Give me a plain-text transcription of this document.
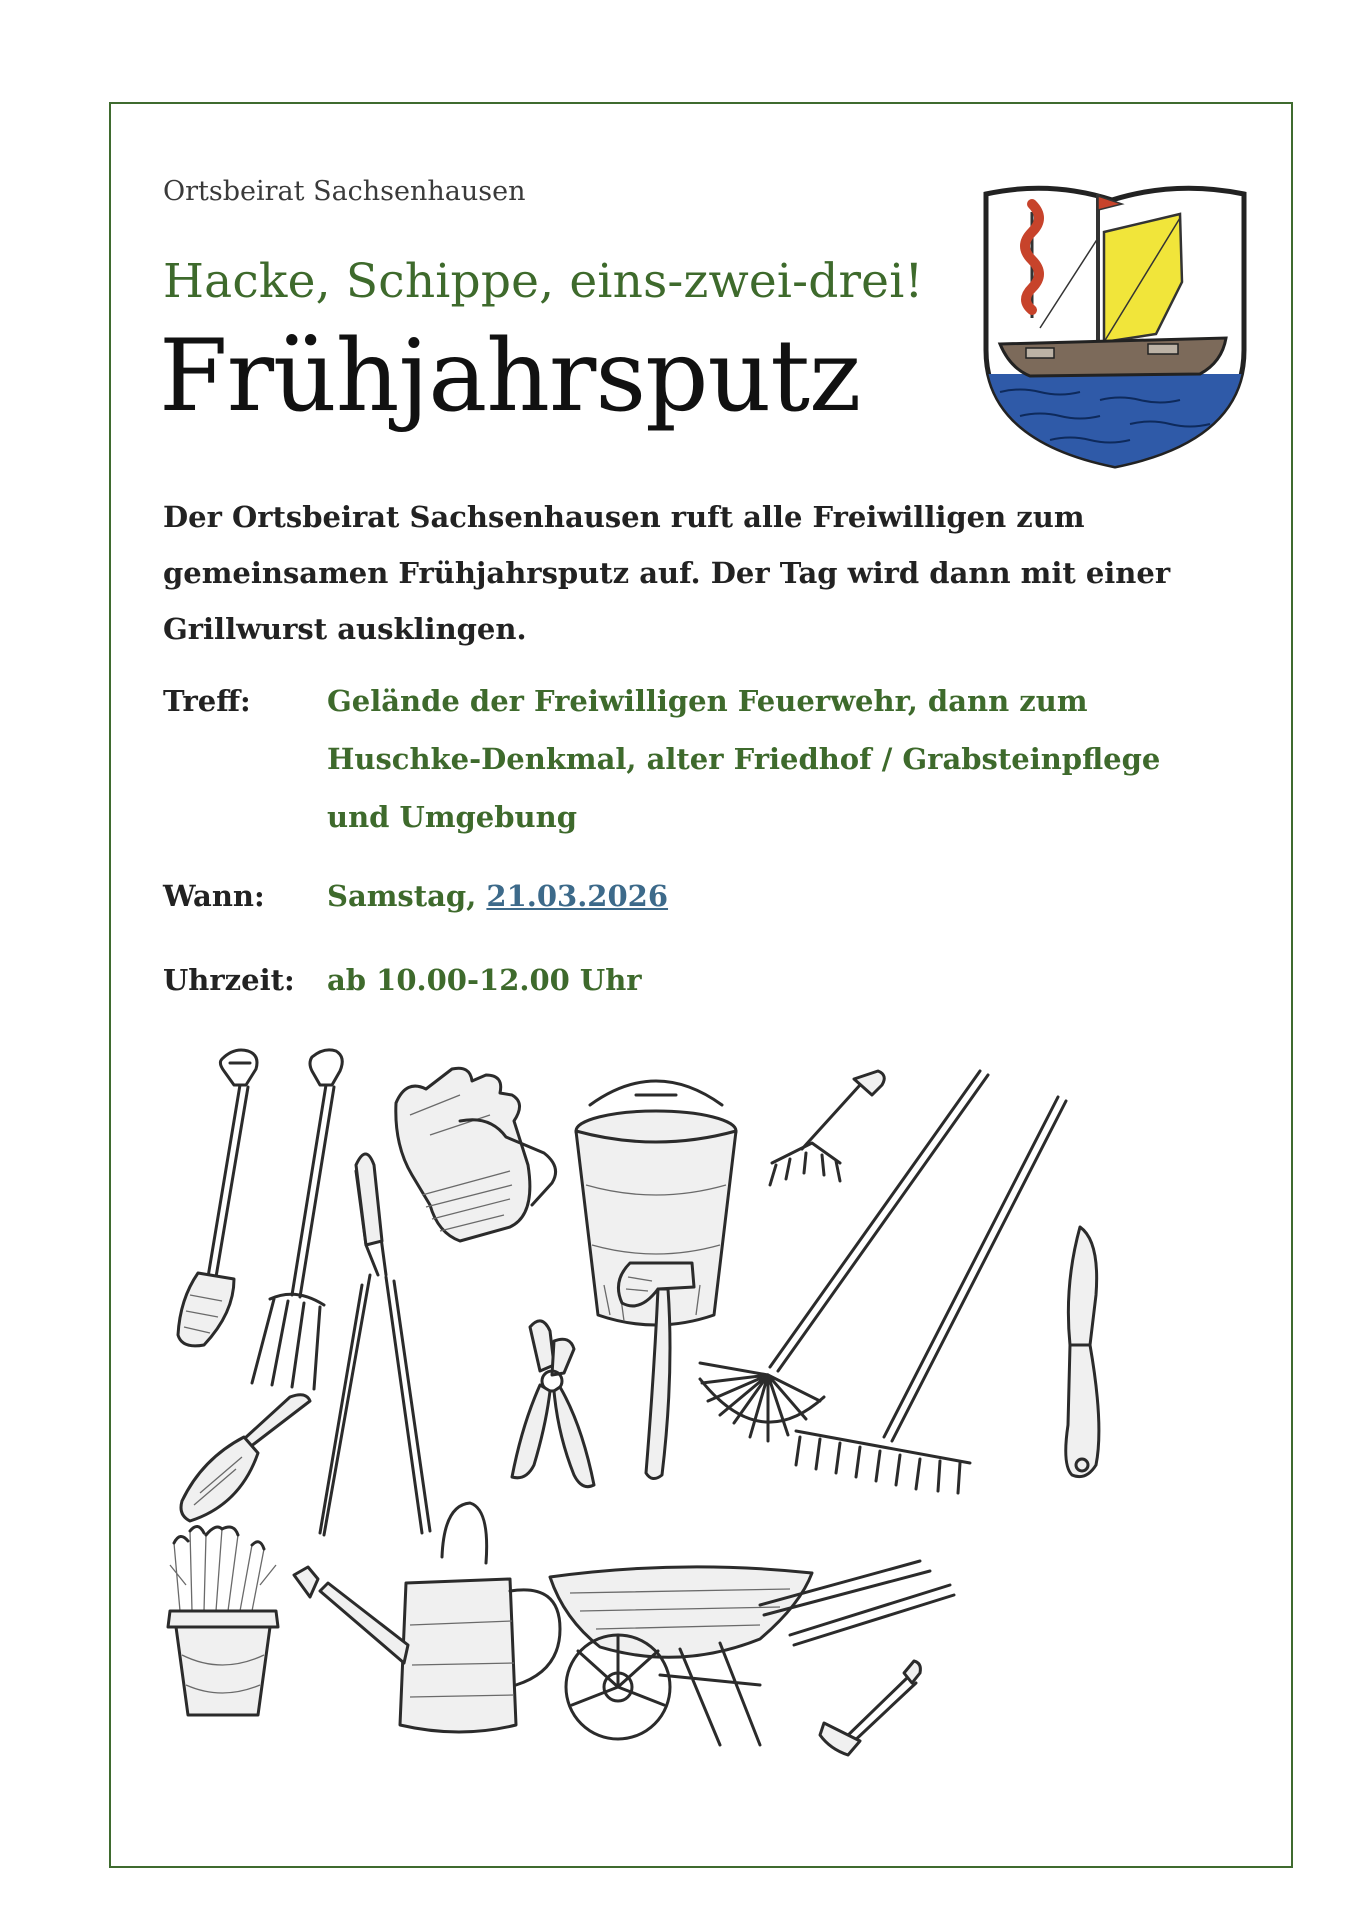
Ortsbeirat Sachsenhausen
Hacke, Schippe, eins-zwei-drei!
Frühjahrsputz
Der Ortsbeirat Sachsenhausen ruft alle Freiwilligen zum gemeinsamen Frühjahrsputz auf. Der Tag wird dann mit einer Grillwurst ausklingen.
Treff:	Gelände der Freiwilligen Feuerwehr, dann zum Huschke-Denkmal, alter Friedhof / Grabsteinpflege und Umgebung
Wann: Samstag, 21.03.2026
Uhrzeit: ab 10.00-12.00 Uhr
